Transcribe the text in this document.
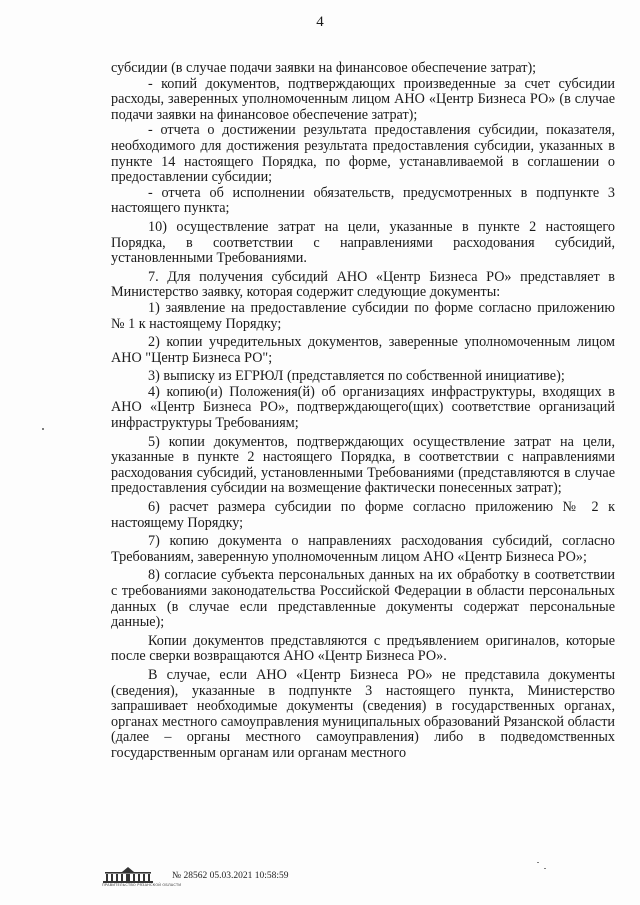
4

субсидии (в случае подачи заявки на финансовое обеспечение затрат);

- копий документов, подтверждающих произведенные за счет субсидии расходы, заверенных уполномоченным лицом АНО «Центр Бизнеса РО» (в случае подачи заявки на финансовое обеспечение затрат);

- отчета о достижении результата предоставления субсидии, показателя, необходимого для достижения результата предоставления субсидии, указанных в пункте 14 настоящего Порядка, по форме, устанавливаемой в соглашении о предоставлении субсидии;

- отчета об исполнении обязательств, предусмотренных в подпункте 3 настоящего пункта;

10) осуществление затрат на цели, указанные в пункте 2 настоящего Порядка, в соответствии с направлениями расходования субсидий, установленными Требованиями.

7. Для получения субсидий АНО «Центр Бизнеса РО» представляет в Министерство заявку, которая содержит следующие документы:

1) заявление на предоставление субсидии по форме согласно приложению № 1 к настоящему Порядку;

2) копии учредительных документов, заверенные уполномоченным лицом АНО "Центр Бизнеса РО";

3) выписку из ЕГРЮЛ (представляется по собственной инициативе);

4) копию(и) Положения(й) об организациях инфраструктуры, входящих в АНО «Центр Бизнеса РО», подтверждающего(щих) соответствие организаций инфраструктуры Требованиям;

5) копии документов, подтверждающих осуществление затрат на цели, указанные в пункте 2 настоящего Порядка, в соответствии с направлениями расходования субсидий, установленными Требованиями (представляются в случае предоставления субсидии на возмещение фактически понесенных затрат);

6) расчет размера субсидии по форме согласно приложению № 2 к настоящему Порядку;

7) копию документа о направлениях расходования субсидий, согласно Требованиям, заверенную уполномоченным лицом АНО «Центр Бизнеса РО»;

8) согласие субъекта персональных данных на их обработку в соответствии с требованиями законодательства Российской Федерации в области персональных данных (в случае если представленные документы содержат персональные данные);

Копии документов представляются с предъявлением оригиналов, которые после сверки возвращаются АНО «Центр Бизнеса РО».

В случае, если АНО «Центр Бизнеса РО» не представила документы (сведения), указанные в подпункте 3 настоящего пункта, Министерство запрашивает необходимые документы (сведения) в государственных органах, органах местного самоуправления муниципальных образований Рязанской области (далее – органы местного самоуправления) либо в подведомственных государственным органам или органам местного

ПРАВИТЕЛЬСТВО РЯЗАНСКОЙ ОБЛАСТИ
№ 28562 05.03.2021 10:58:59
